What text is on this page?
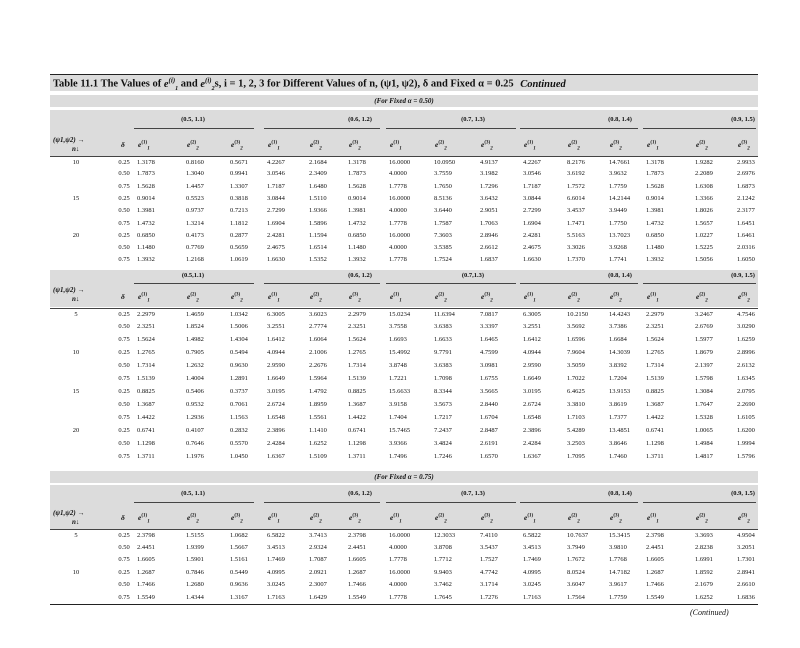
Table 11.1 The Values of $e^{(i)}_1$ and $e^{(i)}_2s$, i = 1, 2, 3 for Different Values of n, (ψ1, ψ2), δ and Fixed α = 0.25 Continued
(For Fixed α = 0.50)
(For Fixed α = 0.75)
(0.5, 1.1)	(0.6, 1.2)	(0.7, 1.3)	(0.8, 1.4)	(0.9, 1.5)
$e^{(1)}_1$	$e^{(2)}_2$	$e^{(3)}_2$	$e^{(1)}_1$	$e^{(2)}_2$	$e^{(3)}_2$	$e^{(1)}_1$	$e^{(2)}_2$	$e^{(3)}_2$	$e^{(1)}_1$	$e^{(2)}_2$	$e^{(3)}_2$	$e^{(1)}_1$	$e^{(2)}_2$	$e^{(3)}_2$
(ψ1,ψ2) →
n↓	δ
(0.5,1.1)	(0.6, 1.2)	(0.7,1.3)	(0.8, 1.4)	(0.9, 1.5)
$e^{(1)}_1$	$e^{(2)}_2$	$e^{(3)}_2$	$e^{(1)}_1$	$e^{(2)}_2$	$e^{(3)}_2$	$e^{(1)}_1$	$e^{(2)}_2$	$e^{(3)}_2$	$e^{(1)}_1$	$e^{(2)}_2$	$e^{(3)}_2$	$e^{(1)}_1$	$e^{(2)}_2$	$e^{(3)}_2$
(ψ1,ψ2) →
n↓	δ
(0.5, 1.1)	(0.6, 1.2)	(0.7, 1.3)	(0.8, 1.4)	(0.9, 1.5)
$e^{(1)}_1$	$e^{(2)}_2$	$e^{(3)}_2$	$e^{(1)}_1$	$e^{(2)}_2$	$e^{(3)}_2$	$e^{(1)}_1$	$e^{(2)}_2$	$e^{(3)}_2$	$e^{(1)}_1$	$e^{(2)}_2$	$e^{(3)}_2$	$e^{(1)}_1$	$e^{(2)}_2$	$e^{(3)}_2$
(ψ1,ψ2) →
n↓	δ
10	0.25	1.3178	0.8160	0.5671	4.2267	2.1684	1.3178	16.0000	10.0950	4.9137	4.2267	8.2176	14.7661 1.3178	1.9282	2.9933
0.50	1.7873	1.3040	0.9941	3.0546	2.3409	1.7873	4.0000	3.7559	3.1982	3.0546	3.6192	3.9632	1.7873	2.2089	2.6976
0.75	1.5628	1.4457	1.3307	1.7187	1.6480	1.5628	1.7778	1.7650	1.7296	1.7187	1.7572	1.7759	1.5628	1.6308	1.6873
15	0.25	0.9014	0.5523	0.3818	3.0844	1.5110	0.9014	16.0000	8.5136	3.6432	3.0844	6.6014	14.2144 0.9014	1.3366	2.1242
0.50	1.3981	0.9737	0.7213	2.7299	1.9366	1.3981	4.0000	3.6440	2.9051	2.7299	3.4537	3.9449	1.3981	1.8026	2.3177
0.75	1.4732	1.3214	1.1812	1.6904	1.5896	1.4732	1.7778	1.7587	1.7063	1.6904	1.7471	1.7750	1.4732	1.5657	1.6451
20	0.25	0.6850	0.4173	0.2877	2.4281	1.1594	0.6850	16.0000	7.3603	2.8946	2.4281	5.5163	13.7023 0.6850	1.0227	1.6461
0.50	1.1480	0.7769	0.5659	2.4675	1.6514	1.1480	4.0000	3.5385	2.6612	2.4675	3.3026	3.9268	1.1480	1.5225	2.0316
0.75	1.3932	1.2168	1.0619	1.6630	1.5352	1.3932	1.7778	1.7524	1.6837	1.6630	1.7370	1.7741	1.3932	1.5056	1.6050
5	0.25	2.2979	1.4659	1.0342	6.3005	3.6023	2.2979	15.0234	11.6394	7.0817	6.3005	10.2150	14.4243 2.2979	3.2467	4.7546
0.50	2.3251	1.8524	1.5006	3.2551	2.7774	2.3251	3.7558	3.6383	3.3397	3.2551	3.5692	3.7386	2.3251	2.6769	3.0290
0.75	1.5624	1.4982	1.4304	1.6412	1.6064	1.5624	1.6693	1.6633	1.6465	1.6412	1.6596	1.6684	1.5624	1.5977	1.6259
10	0.25	1.2765	0.7905	0.5494	4.0944	2.1006	1.2765	15.4992	9.7791	4.7599	4.0944	7.9604	14.3039 1.2765	1.8679	2.8996
0.50	1.7314	1.2632	0.9630	2.9590	2.2676	1.7314	3.8748	3.6383	3.0981	2.9590	3.5059	3.8392	1.7314	2.1397	2.6132
0.75	1.5139	1.4004	1.2891	1.6649	1.5964	1.5139	1.7221	1.7098	1.6755	1.6649	1.7022	1.7204	1.5139	1.5798	1.6345
15	0.25	0.8825	0.5406	0.3737	3.0195	1.4792	0.8825	15.6633	8.3344	3.5665	3.0195	6.4625	13.9153 0.8825	1.3084	2.0795
0.50	1.3687	0.9532	0.7061	2.6724	1.8959	1.3687	3.9158	3.5673	2.8440	2.6724	3.3810	3.8619	1.3687	1.7647	2.2690
0.75	1.4422	1.2936	1.1563	1.6548	1.5561	1.4422	1.7404	1.7217	1.6704	1.6548	1.7103	1.7377	1.4422	1.5328	1.6105
20	0.25	0.6741	0.4107	0.2832	2.3896	1.1410	0.6741	15.7465	7.2437	2.8487	2.3896	5.4289	13.4851 0.6741	1.0065	1.6200
0.50	1.1298	0.7646	0.5570	2.4284	1.6252	1.1298	3.9366	3.4824	2.6191	2.4284	3.2503	3.8646	1.1298	1.4984	1.9994
0.75	1.3711	1.1976	1.0450	1.6367	1.5109	1.3711	1.7496	1.7246	1.6570	1.6367	1.7095	1.7460	1.3711	1.4817	1.5796
5	0.25	2.3798	1.5155	1.0682	6.5822	3.7413	2.3798	16.0000	12.3033	7.4110	6.5822	10.7637	15.3415 2.3798	3.3693	4.9504
0.50	2.4451	1.9399	1.5667	3.4513	2.9324	2.4451	4.0000	3.8708	3.5437	3.4513	3.7949	3.9810	2.4451	2.8238	3.2051
0.75	1.6605	1.5901	1.5161	1.7469	1.7087	1.6605	1.7778	1.7712	1.7527	1.7469	1.7672	1.7768	1.6605	1.6991	1.7301
10	0.25	1.2687	0.7846	0.5449	4.0995	2.0921	1.2687	16.0000	9.9403	4.7742	4.0995	8.0524	14.7182 1.2687	1.8592	2.8941
0.50	1.7466	1.2680	0.9636	3.0245	2.3007	1.7466	4.0000	3.7462	3.1714	3.0245	3.6047	3.9617	1.7466	2.1679	2.6610
0.75	1.5549	1.4344	1.3167	1.7163	1.6429	1.5549	1.7778	1.7645	1.7276	1.7163	1.7564	1.7759	1.5549	1.6252	1.6836
(Continued)
